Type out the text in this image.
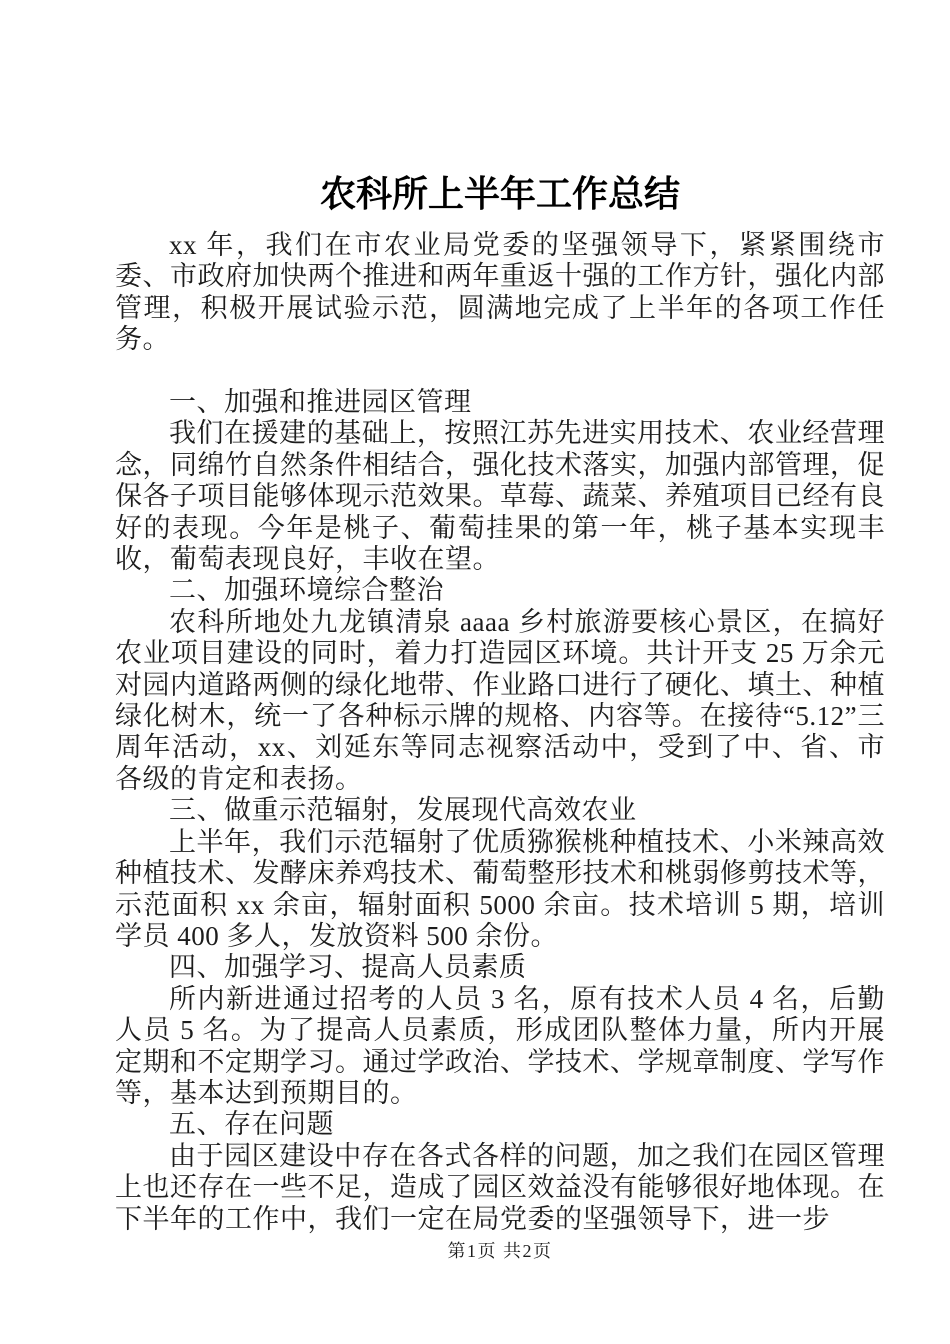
农科所上半年工作总结

xx 年，我们在市农业局党委的坚强领导下，紧紧围绕市委、市政府加快两个推进和两年重返十强的工作方针，强化内部管理，积极开展试验示范，圆满地完成了上半年的各项工作任务。

一、加强和推进园区管理

我们在援建的基础上，按照江苏先进实用技术、农业经营理念，同绵竹自然条件相结合，强化技术落实，加强内部管理，促保各子项目能够体现示范效果。草莓、蔬菜、养殖项目已经有良好的表现。今年是桃子、葡萄挂果的第一年，桃子基本实现丰收，葡萄表现良好，丰收在望。

二、加强环境综合整治

农科所地处九龙镇清泉 aaaa 乡村旅游要核心景区，在搞好农业项目建设的同时，着力打造园区环境。共计开支 25 万余元对园内道路两侧的绿化地带、作业路口进行了硬化、填土、种植绿化树木，统一了各种标示牌的规格、内容等。在接待“5.12”三周年活动，xx、刘延东等同志视察活动中，受到了中、省、市各级的肯定和表扬。

三、做重示范辐射，发展现代高效农业

上半年，我们示范辐射了优质猕猴桃种植技术、小米辣高效种植技术、发酵床养鸡技术、葡萄整形技术和桃弱修剪技术等，示范面积 xx 余亩，辐射面积 5000 余亩。技术培训 5 期，培训学员 400 多人，发放资料 500 余份。

四、加强学习、提高人员素质

所内新进通过招考的人员 3 名，原有技术人员 4 名，后勤人员 5 名。为了提高人员素质，形成团队整体力量，所内开展定期和不定期学习。通过学政治、学技术、学规章制度、学写作等，基本达到预期目的。

五、存在问题

由于园区建设中存在各式各样的问题，加之我们在园区管理上也还存在一些不足，造成了园区效益没有能够很好地体现。在下半年的工作中，我们一定在局党委的坚强领导下，进一步

第1页 共2页
